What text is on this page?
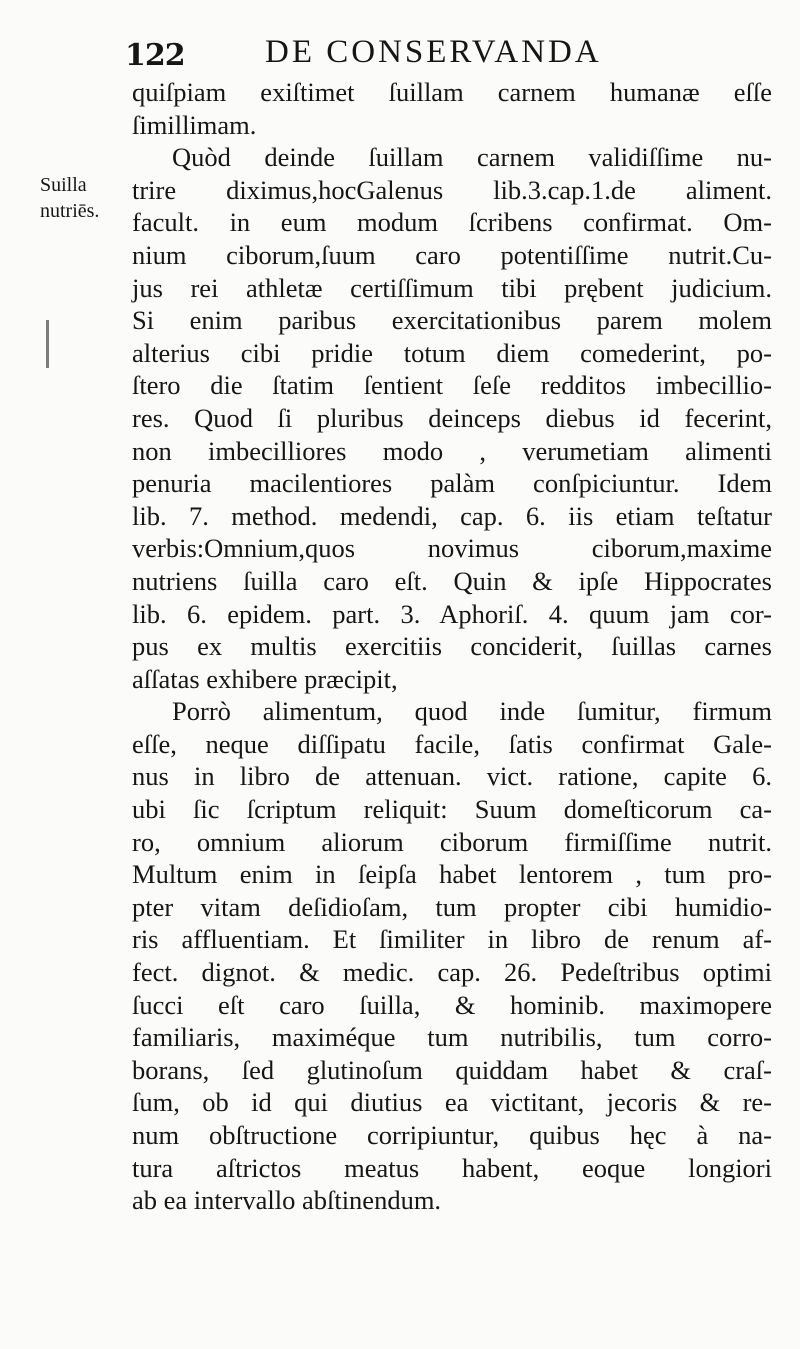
122 DE CONSERVANDA
Suilla
nutriēs.
quiſpiam exiſtimet ſuillam carnem humanæ eſſe
ſimillimam.
Quòd deinde ſuillam carnem validiſſime nu-
trire diximus,hocGalenus lib.3.cap.1.de aliment.
facult. in eum modum ſcribens confirmat. Om-
nium ciborum,ſuum caro potentiſſime nutrit.Cu-
jus rei athletæ certiſſimum tibi prębent judicium.
Si enim paribus exercitationibus parem molem
alterius cibi pridie totum diem comederint, po-
ſtero die ſtatim ſentient ſeſe redditos imbecillio-
res. Quod ſi pluribus deinceps diebus id fecerint,
non imbecilliores modo , verumetiam alimenti
penuria macilentiores palàm conſpiciuntur. Idem
lib. 7. method. medendi, cap. 6. iis etiam teſtatur
verbis:Omnium,quos novimus ciborum,maxime
nutriens ſuilla caro eſt. Quin & ipſe Hippocrates
lib. 6. epidem. part. 3. Aphoriſ. 4. quum jam cor-
pus ex multis exercitiis conciderit, ſuillas carnes
aſſatas exhibere præcipit,
Porrò alimentum, quod inde ſumitur, firmum
eſſe, neque diſſipatu facile, ſatis confirmat Gale-
nus in libro de attenuan. vict. ratione, capite 6.
ubi ſic ſcriptum reliquit: Suum domeſticorum ca-
ro, omnium aliorum ciborum firmiſſime nutrit.
Multum enim in ſeipſa habet lentorem , tum pro-
pter vitam deſidioſam, tum propter cibi humidio-
ris affluentiam. Et ſimiliter in libro de renum af-
fect. dignot. & medic. cap. 26. Pedeſtribus optimi
ſucci eſt caro ſuilla, & hominib. maximopere
familiaris, maximéque tum nutribilis, tum corro-
borans, ſed glutinoſum quiddam habet & craſ-
ſum, ob id qui diutius ea victitant, jecoris & re-
num obſtructione corripiuntur, quibus hęc à na-
tura aſtrictos meatus habent, eoque longiori
ab ea intervallo abſtinendum.
